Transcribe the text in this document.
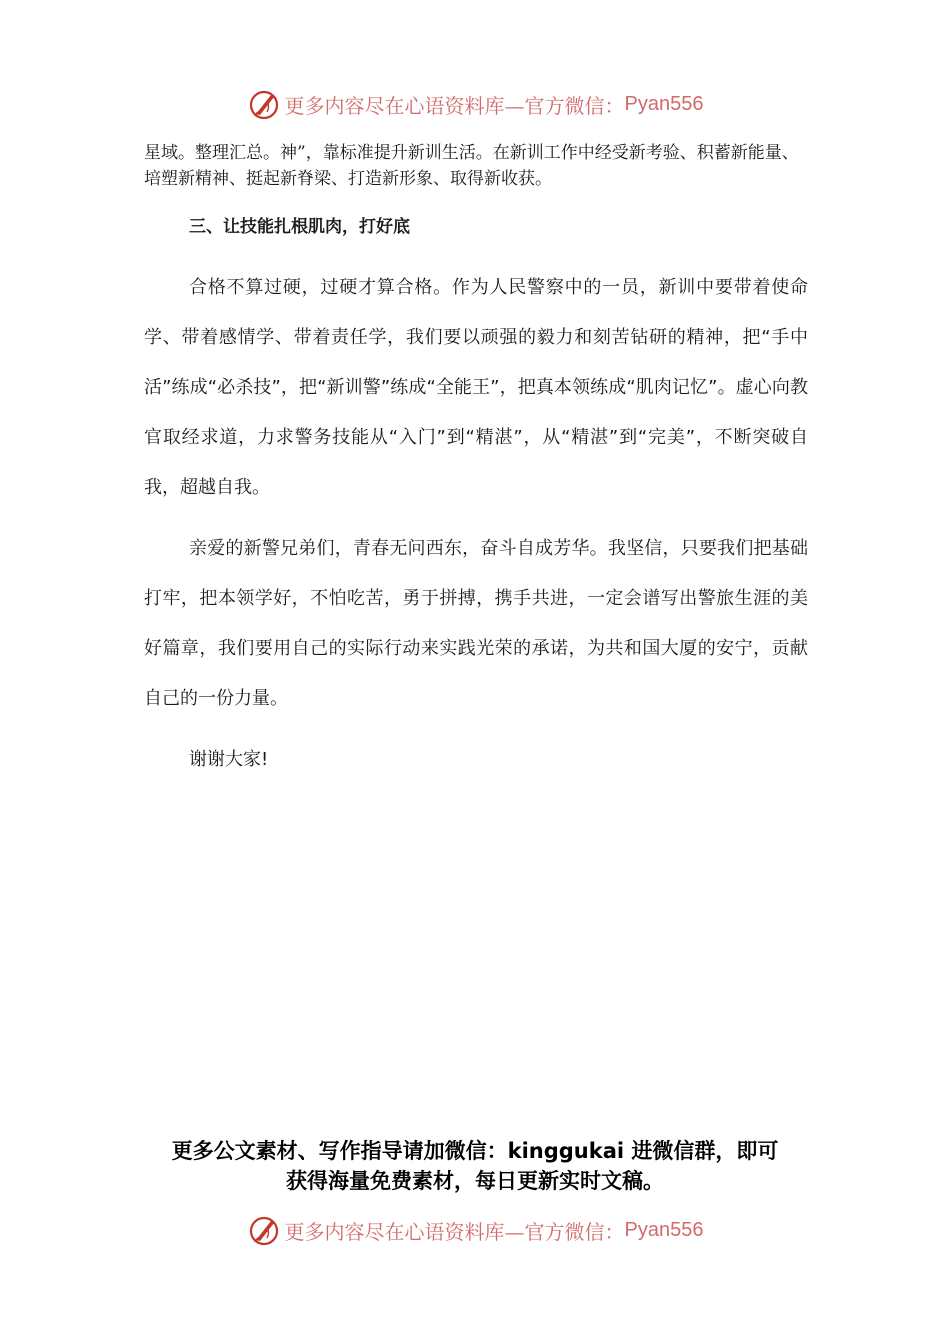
更多内容尽在心语资料库—官方微信： Pyan556

星域。整理汇总。神”，靠标准提升新训生活。在新训工作中经受新考验、积蓄新能量、培塑新精神、挺起新脊梁、打造新形象、取得新收获。

三、让技能扎根肌肉，打好底

合格不算过硬，过硬才算合格。作为人民警察中的一员，新训中要带着使命学、带着感情学、带着责任学，我们要以顽强的毅力和刻苦钻研的精神，把“手中活”练成“必杀技”，把“新训警”练成“全能王”，把真本领练成“肌肉记忆”。虚心向教官取经求道，力求警务技能从“入门”到“精湛”，从“精湛”到“完美”，不断突破自我，超越自我。

亲爱的新警兄弟们，青春无问西东，奋斗自成芳华。我坚信，只要我们把基础打牢，把本领学好，不怕吃苦，勇于拼搏，携手共进，一定会谱写出警旅生涯的美好篇章，我们要用自己的实际行动来实践光荣的承诺，为共和国大厦的安宁，贡献自己的一份力量。

谢谢大家!

更多公文素材、写作指导请加微信：kinggukai 进微信群，即可
获得海量免费素材，每日更新实时文稿。
更多内容尽在心语资料库—官方微信： Pyan556
